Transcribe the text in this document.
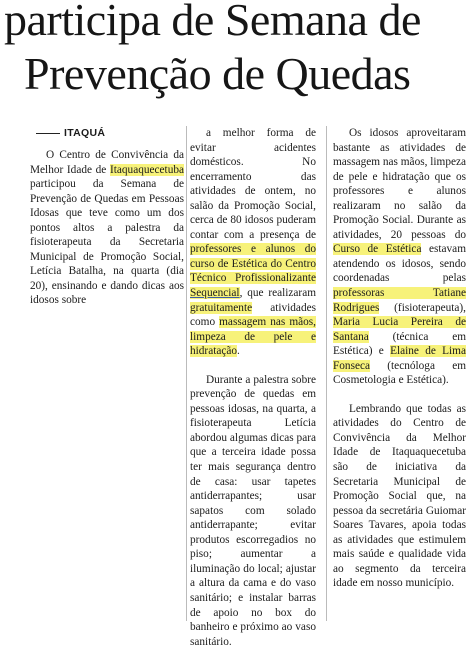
participa de Semana de
Prevenção de Quedas
ITAQUÁ

O Centro de Convivência da Melhor Idade de Itaquaquecetuba participou da Semana de Prevenção de Quedas em Pessoas Idosas que teve como um dos pontos altos a palestra da fisioterapeuta da Secretaria Municipal de Promoção Social, Letícia Batalha, na quarta (dia 20), ensinando e dando dicas aos idosos sobre

a melhor forma de evitar acidentes domésticos. No encerramento das atividades de ontem, no salão da Promoção Social, cerca de 80 idosos puderam contar com a presença de professores e alunos do curso de Estética do Centro Técnico Profissionalizante Sequencial, que realizaram gratuitamente atividades como massagem nas mãos, limpeza de pele e hidratação.

Durante a palestra sobre prevenção de quedas em pessoas idosas, na quarta, a fisioterapeuta Letícia abordou algumas dicas para que a terceira idade possa ter mais segurança dentro de casa: usar tapetes antiderrapantes; usar sapatos com solado antiderrapante; evitar produtos escorregadios no piso; aumentar a iluminação do local; ajustar a altura da cama e do vaso sanitário; e instalar barras de apoio no box do banheiro e próximo ao vaso sanitário.

Os idosos aproveitaram bastante as atividades de massagem nas mãos, limpeza de pele e hidratação que os professores e alunos realizaram no salão da Promoção Social. Durante as atividades, 20 pessoas do Curso de Estética estavam atendendo os idosos, sendo coordenadas pelas professoras Tatiane Rodrigues (fisioterapeuta), Maria Lucia Pereira de Santana (técnica em Estética) e Elaine de Lima Fonseca (tecnóloga em Cosmetologia e Estética).

Lembrando que todas as atividades do Centro de Convivência da Melhor Idade de Itaquaquecetuba são de iniciativa da Secretaria Municipal de Promoção Social que, na pessoa da secretária Guiomar Soares Tavares, apoia todas as atividades que estimulem mais saúde e qualidade vida ao segmento da terceira idade em nosso município.
